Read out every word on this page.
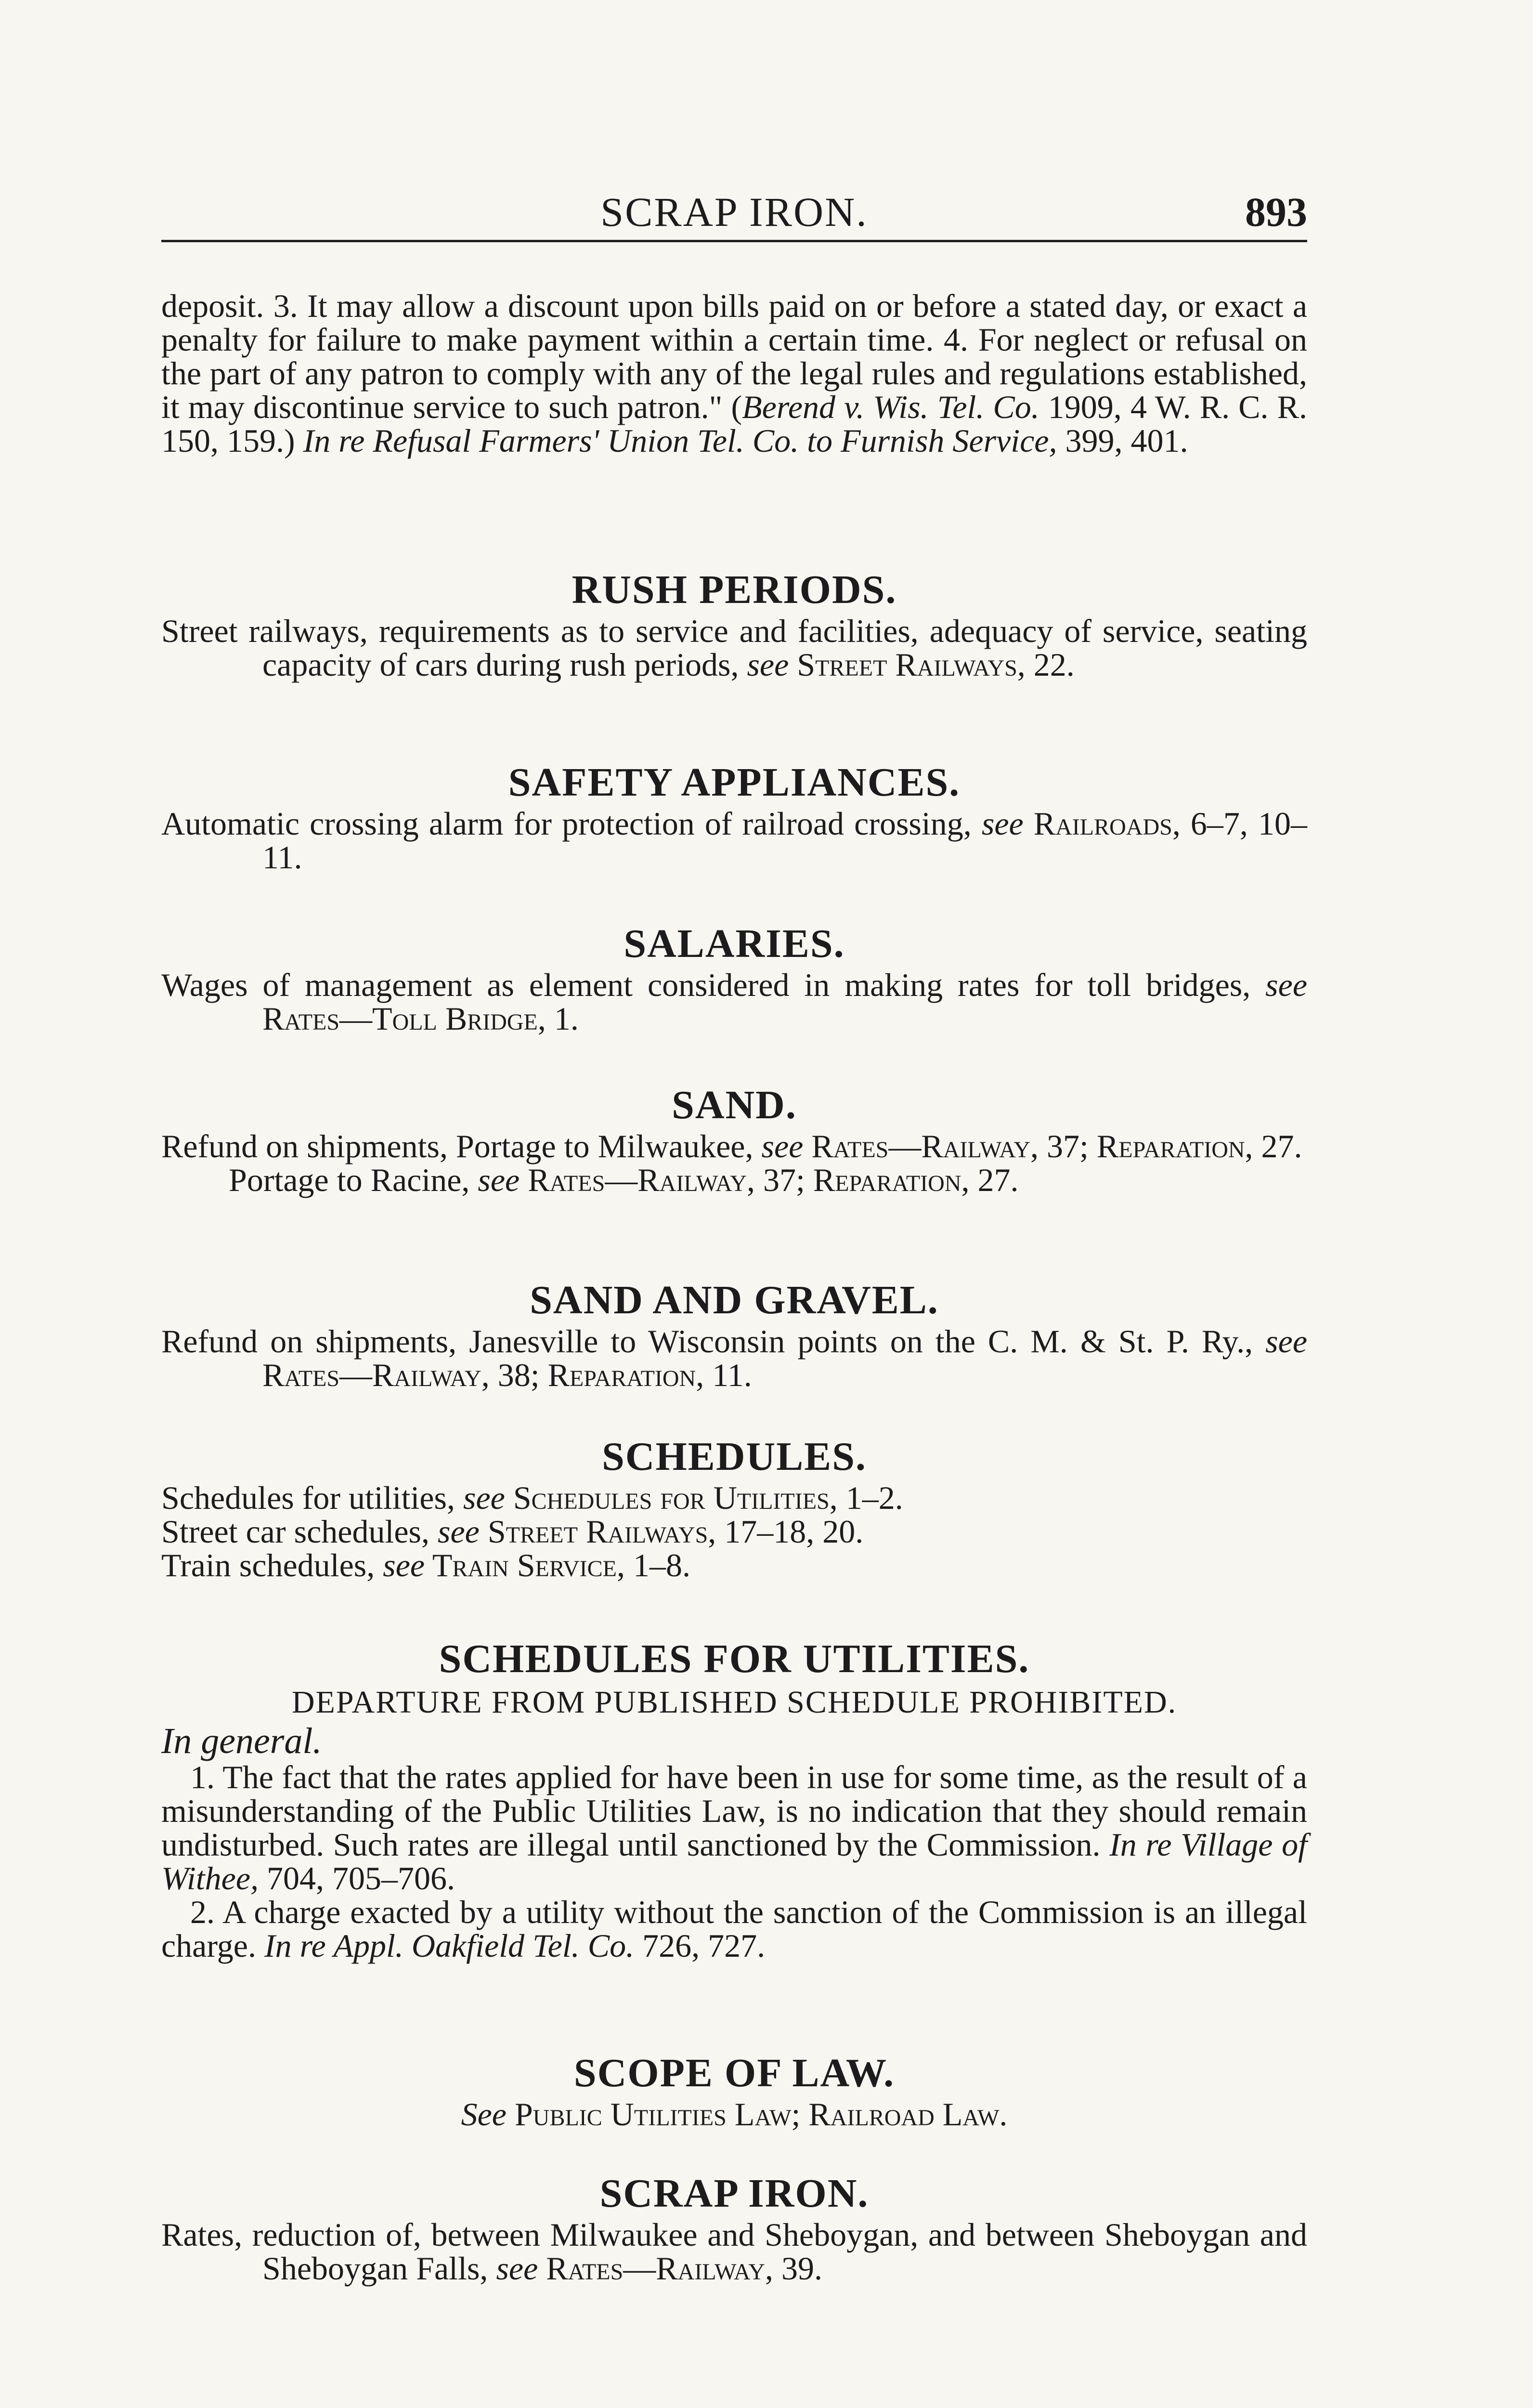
SCRAP IRON.	893

deposit. 3. It may allow a discount upon bills paid on or before a stated day, or exact a penalty for failure to make payment within a certain time. 4. For neglect or refusal on the part of any patron to comply with any of the legal rules and regulations established, it may discontinue service to such patron." (Berend v. Wis. Tel. Co. 1909, 4 W. R. C. R. 150, 159.) In re Refusal Farmers' Union Tel. Co. to Furnish Service, 399, 401.

RUSH PERIODS.

Street railways, requirements as to service and facilities, adequacy of service, seating capacity of cars during rush periods, see Street Railways, 22.

SAFETY APPLIANCES.

Automatic crossing alarm for protection of railroad crossing, see Railroads, 6–7, 10–11.

SALARIES.

Wages of management as element considered in making rates for toll bridges, see Rates—Toll Bridge, 1.

SAND.

Refund on shipments, Portage to Milwaukee, see Rates—Railway, 37; Reparation, 27.

Portage to Racine, see Rates—Railway, 37; Reparation, 27.

SAND AND GRAVEL.

Refund on shipments, Janesville to Wisconsin points on the C. M. & St. P. Ry., see Rates—Railway, 38; Reparation, 11.

SCHEDULES.

Schedules for utilities, see Schedules for Utilities, 1–2.

Street car schedules, see Street Railways, 17–18, 20.

Train schedules, see Train Service, 1–8.

SCHEDULES FOR UTILITIES.

DEPARTURE FROM PUBLISHED SCHEDULE PROHIBITED.

In general.

1. The fact that the rates applied for have been in use for some time, as the result of a misunderstanding of the Public Utilities Law, is no indication that they should remain undisturbed. Such rates are illegal until sanctioned by the Commission. In re Village of Withee, 704, 705–706.

2. A charge exacted by a utility without the sanction of the Commission is an illegal charge. In re Appl. Oakfield Tel. Co. 726, 727.

SCOPE OF LAW.

See Public Utilities Law; Railroad Law.

SCRAP IRON.

Rates, reduction of, between Milwaukee and Sheboygan, and between Sheboygan and Sheboygan Falls, see Rates—Railway, 39.
